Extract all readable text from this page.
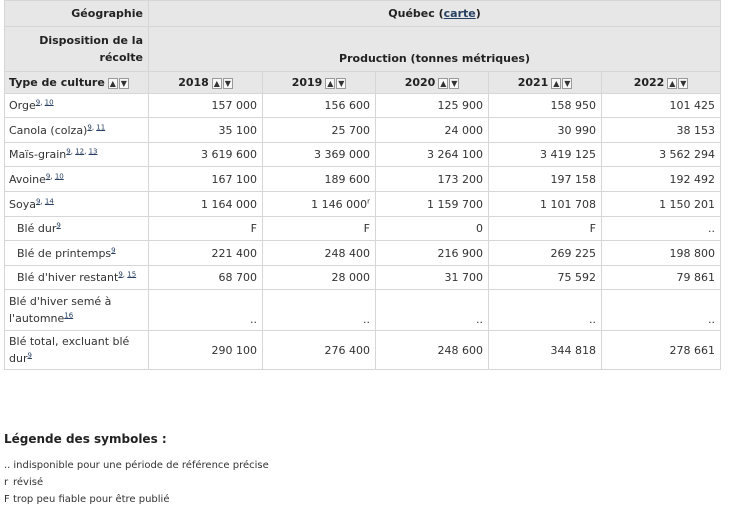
Géographie	Québec (carte)				
Disposition de la récolte	Production (tonnes métriques)				
Type de culture ▲ ▼	2018 ▲ ▼	2019 ▲ ▼	2020 ▲ ▼	2021 ▲ ▼	2022 ▲ ▼
Orge$^{9, 10}$	157 000	156 600	125 900	158 950	101 425
Canola (colza)$^{9, 11}$	35 100	25 700	24 000	30 990	38 153
Maïs-grain$^{9, 12, 13}$	3 619 600	3 369 000	3 264 100	3 419 125	3 562 294
Avoine$^{9, 10}$	167 100	189 600	173 200	197 158	192 492
Soya$^{9, 14}$	1 164 000	1 146 000$^r$	1 159 700	1 101 708	1 150 201
Blé dur$^9$	F	F	0	F	..
Blé de printemps$^9$	221 400	248 400	216 900	269 225	198 800
Blé d'hiver restant$^{9, 15}$	68 700	28 000	31 700	75 592	79 861
Blé d'hiver semé à l'automne$^{16}$	..	..	..	..	..
Blé total, excluant blé dur$^9$	290 100	276 400	248 600	344 818	278 661
Légende des symboles :

.. indisponible pour une période de référence précise

r révisé

F trop peu fiable pour être publié
